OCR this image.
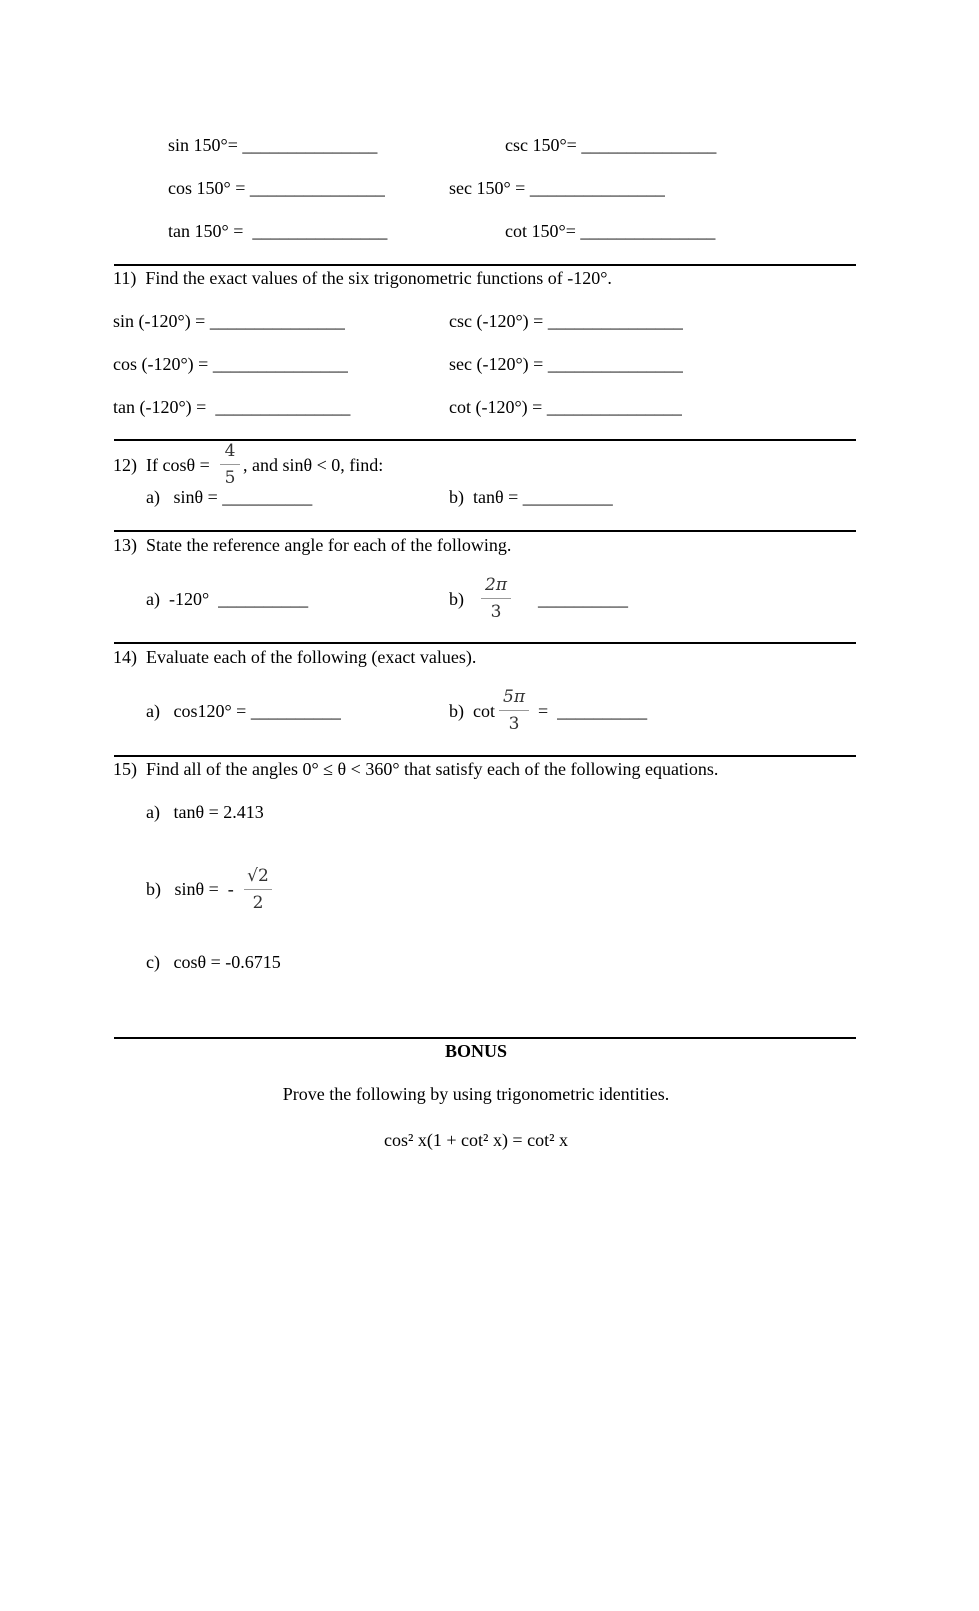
sin 150°= _______________	csc 150°= _______________
cos 150° = _______________	sec 150° = _______________
tan 150° =  _______________	cot 150°= _______________
11)  Find the exact values of the six trigonometric functions of -120°.
sin (-120°) = _______________	csc (-120°) = _______________
cos (-120°) = _______________	sec (-120°) = _______________
tan (-120°) =  _______________	cot (-120°) = _______________
12)  If cosθ =
4
5
, and sinθ < 0, find:
a)   sinθ = __________	b)  tanθ = __________
13)  State the reference angle for each of the following.
a)  -120°  __________	b)
2π
3
__________
14)  Evaluate each of the following (exact values).
a)   cos120° = __________	b)  cot
5π
3
=  __________
15)  Find all of the angles 0° ≤ θ < 360° that satisfy each of the following equations.
a)   tanθ = 2.413
b)   sinθ =  -
√2
2
c)   cosθ = -0.6715
BONUS
Prove the following by using trigonometric identities.
cos² x(1 + cot² x) = cot² x
